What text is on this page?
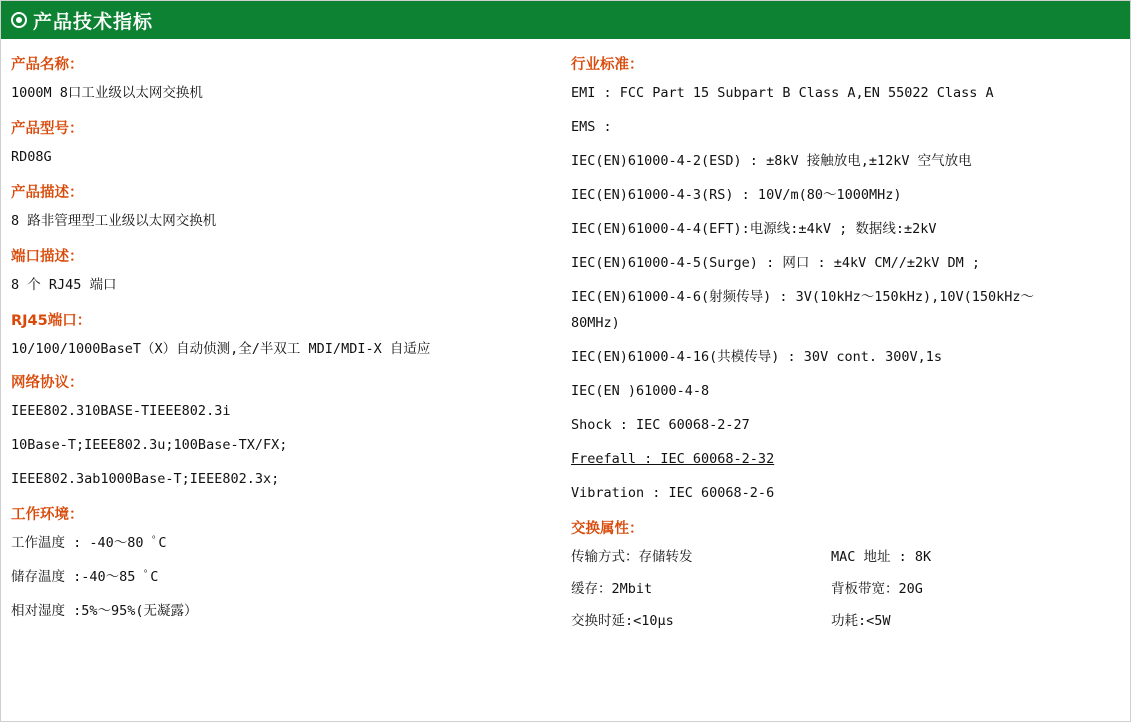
产品技术指标
产品名称：
1000M 8口工业级以太网交换机
产品型号：
RD08G
产品描述：
8 路非管理型工业级以太网交换机
端口描述：
8 个 RJ45 端口
RJ45端口：
10/100/1000BaseT（X）自动侦测,全/半双工 MDI/MDI-X 自适应
网络协议：
IEEE802.310BASE-TIEEE802.3i
10Base-T;IEEE802.3u;100Base-TX/FX;
IEEE802.3ab1000Base-T;IEEE802.3x;
工作环境：
工作温度 : -40～80 ﾟC
储存温度 :-40～85 ﾟC
相对湿度 :5%～95%(无凝露）
行业标准：
EMI : FCC Part 15 Subpart B Class A,EN 55022 Class A
EMS :
IEC(EN)61000-4-2(ESD) : ±8kV 接触放电,±12kV 空气放电
IEC(EN)61000-4-3(RS) : 10V/m(80～1000MHz)
IEC(EN)61000-4-4(EFT):电源线:±4kV ; 数据线:±2kV
IEC(EN)61000-4-5(Surge) : 网口 : ±4kV CM//±2kV DM ;
IEC(EN)61000-4-6(射频传导) : 3V(10kHz～150kHz),10V(150kHz～
80MHz)
IEC(EN)61000-4-16(共模传导) : 30V cont. 300V,1s
IEC(EN )61000-4-8
Shock : IEC 60068-2-27
Freefall : IEC 60068-2-32
Vibration : IEC 60068-2-6
交换属性：
传输方式：存储转发	MAC 地址 : 8K
缓存：2Mbit	背板带宽：20G
交换时延:<10μs	功耗:<5W
